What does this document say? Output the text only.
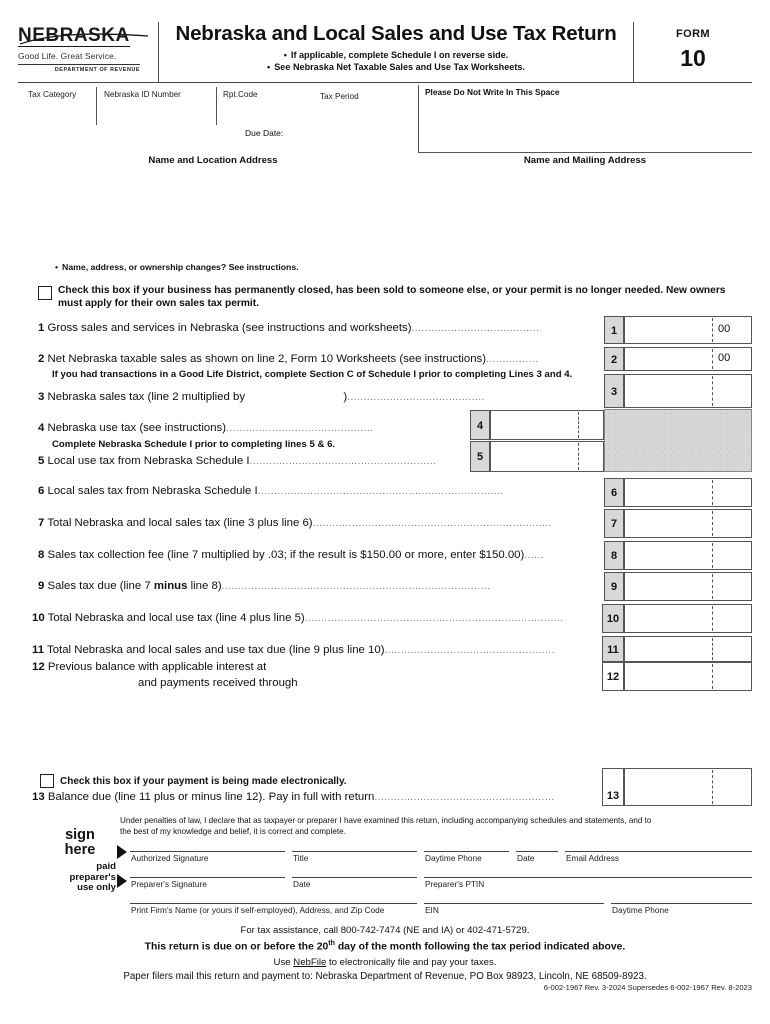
NEBRASKA
Good Life. Great Service.
DEPARTMENT OF REVENUE
Nebraska and Local Sales and Use Tax Return
• If applicable, complete Schedule I on reverse side.
• See Nebraska Net Taxable Sales and Use Tax Worksheets.
FORM
10
Tax Category	Nebraska ID Number	Rpt.Code	Tax Period
Due Date:
Name and Location Address
Please Do Not Write In This Space
Name and Mailing Address
• Name, address, or ownership changes? See instructions.
Check this box if your business has permanently closed, has been sold to someone else, or your permit is no longer needed. New owners must apply for their own sales tax permit.
1 Gross sales and services in Nebraska (see instructions and worksheets).......................................	1	00
2 Net Nebraska taxable sales as shown on line 2, Form 10 Worksheets (see instructions)................	2	00
If you had transactions in a Good Life District, complete Section C of Schedule I prior to completing Lines 3 and 4.
3 Nebraska sales tax (line 2 multiplied by	)..........................................	3
4 Nebraska use tax (see instructions).............................................	4
Complete Nebraska Schedule I prior to completing lines 5 & 6.
5 Local use tax from Nebraska Schedule I.........................................................	5
6 Local sales tax from Nebraska Schedule I...........................................................................	6
7 Total Nebraska and local sales tax (line 3 plus line 6).........................................................................	7
8 Sales tax collection fee (line 7 multiplied by .03; if the result is $150.00 or more, enter $150.00)......	8
9 Sales tax due (line 7 minus line 8)..................................................................................	9
10 Total Nebraska and local use tax (line 4 plus line 5)...............................................................................	10
11 Total Nebraska and local sales and use tax due (line 9 plus line 10)....................................................	11
12 Previous balance with applicable interest at
and payments received through	12
Check this box if your payment is being made electronically.
13 Balance due (line 11 plus or minus line 12). Pay in full with return.......................................................	13
Under penalties of law, I declare that as taxpayer or preparer I have examined this return, including accompanying schedules and statements, and to the best of my knowledge and belief, it is correct and complete.
sign
here
paid
preparer's
use only
Authorized Signature	Title	Daytime Phone	Date	Email Address
Preparer's Signature	Date	Preparer's PTIN
Print Firm's Name (or yours if self-employed), Address, and Zip Code	EIN	Daytime Phone
For tax assistance, call 800-742-7474 (NE and IA) or 402-471-5729.
This return is due on or before the 20th day of the month following the tax period indicated above.
Use NebFile to electronically file and pay your taxes.
Paper filers mail this return and payment to: Nebraska Department of Revenue, PO Box 98923, Lincoln, NE 68509-8923.
6-002-1967 Rev. 3-2024 Supersedes 6-002-1967 Rev. 8-2023
